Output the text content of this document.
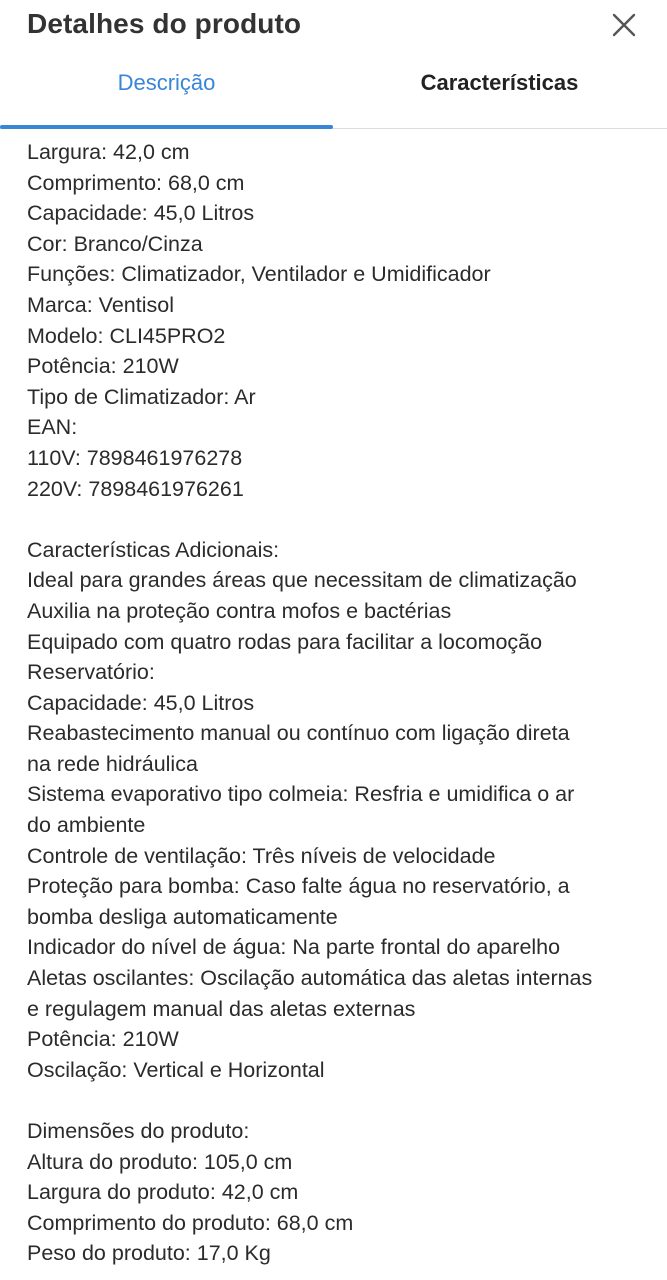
Detalhes do produto
Descrição	Características
Largura: 42,0 cm
Comprimento: 68,0 cm
Capacidade: 45,0 Litros
Cor: Branco/Cinza
Funções: Climatizador, Ventilador e Umidificador
Marca: Ventisol
Modelo: CLI45PRO2
Potência: 210W
Tipo de Climatizador: Ar
EAN:
110V: 7898461976278
220V: 7898461976261
Características Adicionais:
Ideal para grandes áreas que necessitam de climatização
Auxilia na proteção contra mofos e bactérias
Equipado com quatro rodas para facilitar a locomoção
Reservatório:
Capacidade: 45,0 Litros
Reabastecimento manual ou contínuo com ligação direta
na rede hidráulica
Sistema evaporativo tipo colmeia: Resfria e umidifica o ar
do ambiente
Controle de ventilação: Três níveis de velocidade
Proteção para bomba: Caso falte água no reservatório, a
bomba desliga automaticamente
Indicador do nível de água: Na parte frontal do aparelho
Aletas oscilantes: Oscilação automática das aletas internas
e regulagem manual das aletas externas
Potência: 210W
Oscilação: Vertical e Horizontal
Dimensões do produto:
Altura do produto: 105,0 cm
Largura do produto: 42,0 cm
Comprimento do produto: 68,0 cm
Peso do produto: 17,0 Kg
